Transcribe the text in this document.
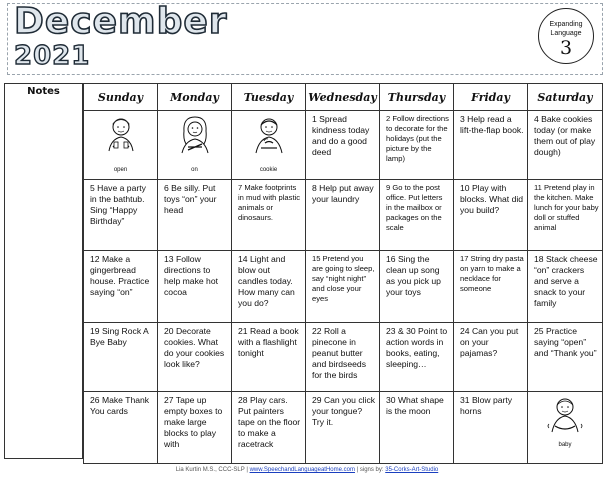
December
2021
Expanding
Language
3
Notes	Sunday	Monday	Tuesday	Wednesday	Thursday	Friday	Saturday

open	on	cookie	1 Spread kindness today and do a good deed	2 Follow directions to decorate for the holidays (put the picture by the lamp)	3 Help read a lift-the-flap book.	4 Bake cookies today (or make them out of play dough)

5 Have a party in the bathtub. Sing “Happy Birthday”	6 Be silly. Put toys “on” your head	7 Make footprints in mud with plastic animals or dinosaurs.	8 Help put away your laundry	9 Go to the post office. Put letters in the mailbox or packages on the scale	10 Play with blocks. What did you build?	11 Pretend play in the kitchen. Make lunch for your baby doll or stuffed animal

12 Make a gingerbread house. Practice saying “on”	13 Follow directions to help make hot cocoa	14 Light and blow out candles today. How many can you do?	15 Pretend you are going to sleep, say “night night” and close your eyes	16 Sing the clean up song as you pick up your toys	17 String dry pasta on yarn to make a necklace for someone	18 Stack cheese “on” crackers and serve a snack to your family

19 Sing Rock A Bye Baby	20 Decorate cookies. What do your cookies look like?	21 Read a book with a flashlight tonight	22 Roll a pinecone in peanut butter and birdseeds for the birds	23 & 30 Point to action words in books, eating, sleeping…	24 Can you put on your pajamas?	25 Practice saying “open” and “Thank you”

26 Make Thank You cards	27 Tape up empty boxes to make large blocks to play with	28 Play cars. Put painters tape on the floor to make a racetrack	29 Can you click your tongue? Try it.	30 What shape is the moon	31 Blow party horns	baby
Lia Kurtin M.S., CCC-SLP | www.SpeechandLanguageatHome.com | signs by: 35-Corks-Art-Studio
